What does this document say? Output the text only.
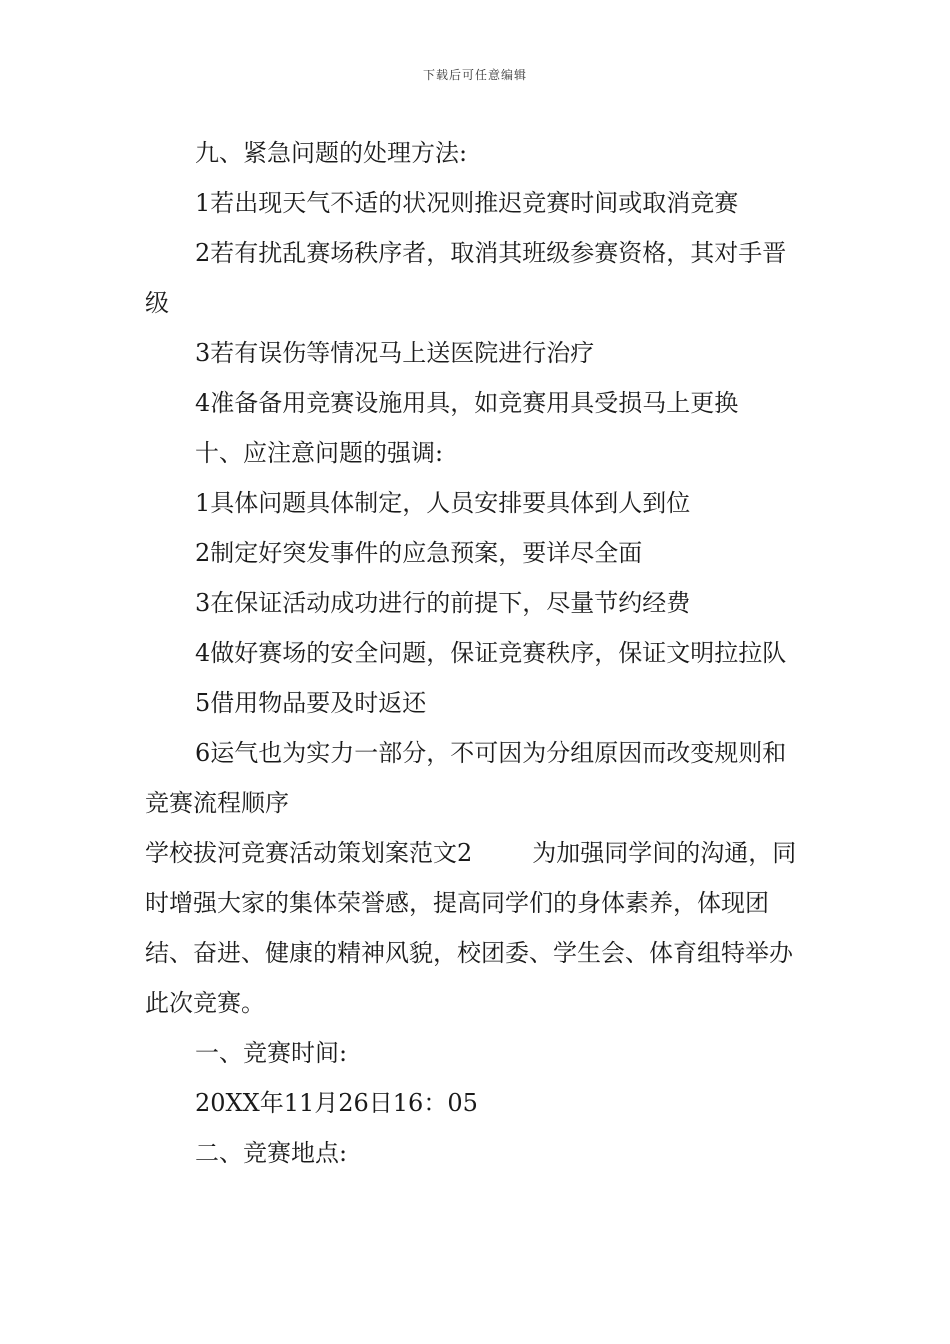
下载后可任意编辑

九、紧急问题的处理方法:

1若出现天气不适的状况则推迟竞赛时间或取消竞赛

2若有扰乱赛场秩序者，取消其班级参赛资格，其对手晋级

3若有误伤等情况马上送医院进行治疗

4准备备用竞赛设施用具，如竞赛用具受损马上更换

十、应注意问题的强调:

1具体问题具体制定，人员安排要具体到人到位

2制定好突发事件的应急预案，要详尽全面

3在保证活动成功进行的前提下，尽量节约经费

4做好赛场的安全问题，保证竞赛秩序，保证文明拉拉队

5借用物品要及时返还

6运气也为实力一部分，不可因为分组原因而改变规则和竞赛流程顺序

学校拔河竞赛活动策划案范文2	为加强同学间的沟通，同时增强大家的集体荣誉感，提高同学们的身体素养，体现团结、奋进、健康的精神风貌，校团委、学生会、体育组特举办此次竞赛。

一、竞赛时间:

20XX年11月26日16：05

二、竞赛地点:
